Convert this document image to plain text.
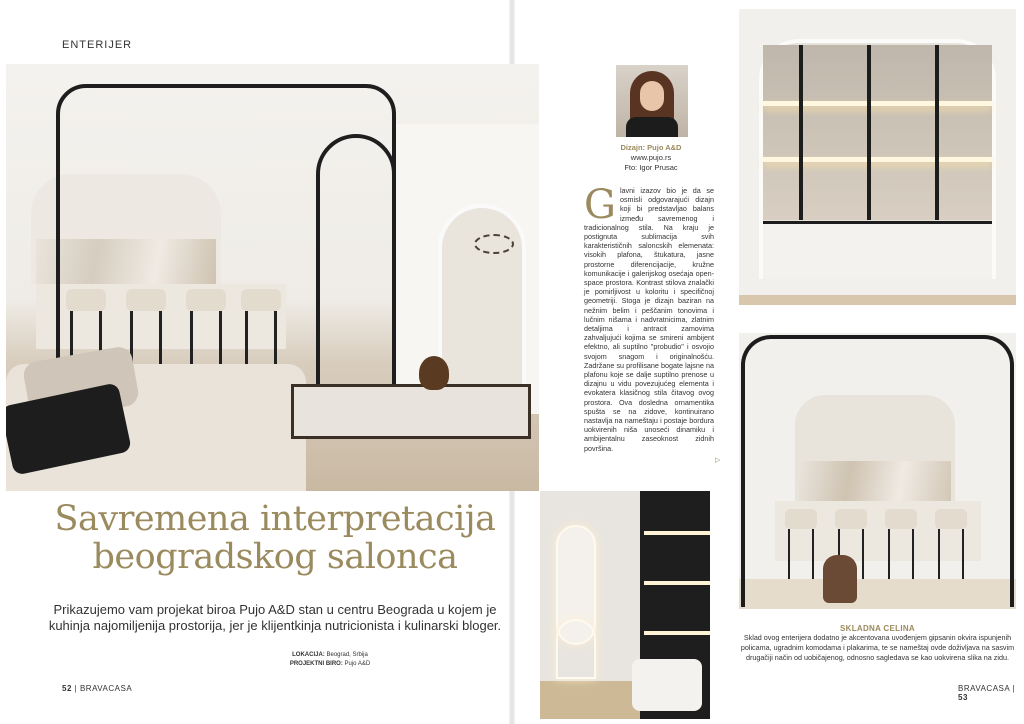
ENTERIJER
Savremena interpretacija
beogradskog salonca

Prikazujemo vam projekat biroa Pujo A&D stan u centru Beograda u kojem je kuhinja najomiljenija prostorija, jer je klijentkinja nutricionista i kulinarski bloger.

LOKACIJA: Beograd, Srbija
PROJEKTNI BIRO: Pujo A&D
52 | BRAVACASA
Dizajn: Pujo A&D
www.pujo.rs
Fto: Igor Prusac
Glavni izazov bio je da se osmisli odgovarajući dizajn koji bi predstavljao balans između savremenog i tradicionalnog stila. Na kraju je postignuta sublimacija svih karakterističnih saloncskih elemenata: visokih plafona, štukatura, jasne prostorne diferencijacije, kružne komunikacije i galerijskog osećaja open-space prostora. Kontrast stilova znalački je pomirljivost u koloritu i specifičnoj geometriji. Stoga je dizajn baziran na nežnim belim i peščanim tonovima i lučnim nišama i nadvratnicima, zlatnim detaljima i antracit zamovima zahvaljujući kojima se smireni ambijent efektno, ali suptilno "probudio" i osvojio svojom snagom i originalnošću. Zadržane su profilisane bogate lajsne na plafonu koje se dalje suptilno prenose u dizajnu u vidu povezujućeg elementa i evokatera klasičnog stila čitavog ovog prostora. Ova dosledna ornamentika spušta se na zidove, kontinuirano nastavlja na nameštaju i postaje bordura uokvirenih niša unoseći dinamiku i ambijentalnu zaseoknost zidnih površina.
▷
SKLADNA CELINA
Sklad ovog enterijera dodatno je akcentovana uvođenjem gipsanin okvira ispunjenih policama, ugradnim komodama i plakarima, te se nameštaj ovde doživljava na sasvim drugačiji način od uobičajenog, odnosno sagledava se kao uokvirena slika na zidu.
BRAVACASA | 53
